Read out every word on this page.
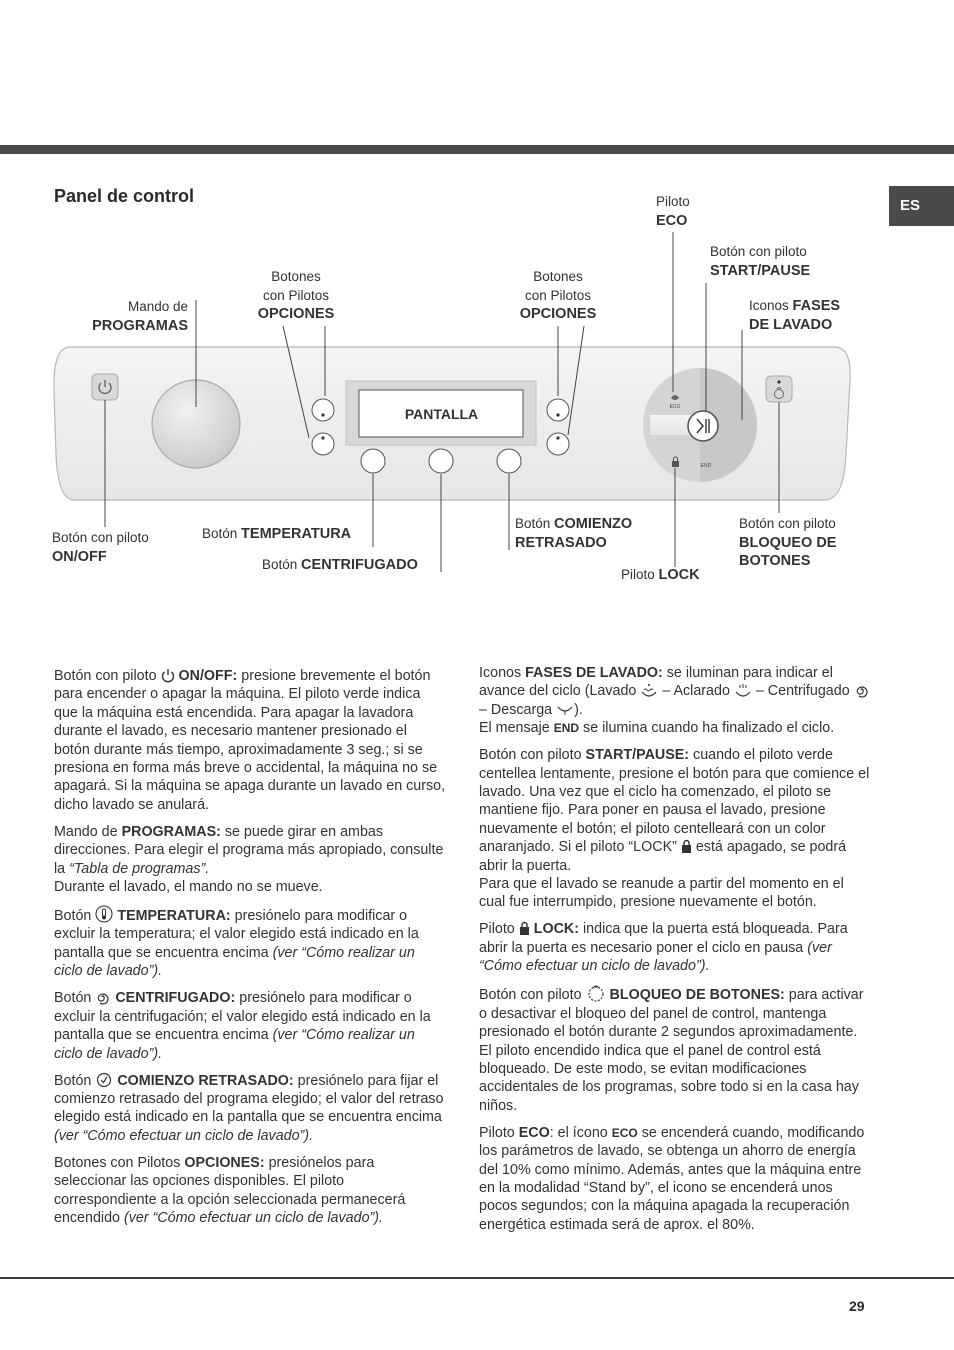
ES
Panel de control
ECO
END
PANTALLA
Mando de
PROGRAMAS
Botones
con Pilotos
OPCIONES
Botones
con Pilotos
OPCIONES
Piloto
ECO
Botón con piloto
START/PAUSE
Iconos FASES
DE LAVADO
Botón con piloto
ON/OFF
Botón TEMPERATURA
Botón CENTRIFUGADO
Botón COMIENZO
RETRASADO
Piloto LOCK
Botón con piloto
BLOQUEO DE
BOTONES

Botón con piloto ON/OFF: presione brevemente el botón para encender o apagar la máquina. El piloto verde indica que la máquina está encendida. Para apagar la lavadora durante el lavado, es necesario mantener presionado el botón durante más tiempo, aproximadamente 3 seg.; si se presiona en forma más breve o accidental, la máquina no se apagará. Si la máquina se apaga durante un lavado en curso, dicho lavado se anulará.

Mando de PROGRAMAS: se puede girar en ambas direcciones. Para elegir el programa más apropiado, consulte la “Tabla de programas”.
Durante el lavado, el mando no se mueve.

Botón TEMPERATURA: presiónelo para modificar o excluir la temperatura; el valor elegido está indicado en la pantalla que se encuentra encima (ver “Cómo realizar un ciclo de lavado”).

Botón CENTRIFUGADO: presiónelo para modificar o excluir la centrifugación; el valor elegido está indicado en la pantalla que se encuentra encima (ver “Cómo realizar un ciclo de lavado”).

Botón COMIENZO RETRASADO: presiónelo para fijar el comienzo retrasado del programa elegido; el valor del retraso elegido está indicado en la pantalla que se encuentra encima (ver “Cómo efectuar un ciclo de lavado”).

Botones con Pilotos OPCIONES: presiónelos para seleccionar las opciones disponibles. El piloto correspondiente a la opción seleccionada permanecerá encendido (ver “Cómo efectuar un ciclo de lavado”).

Iconos FASES DE LAVADO: se iluminan para indicar el avance del ciclo (Lavado – Aclarado – Centrifugado  – Descarga ).
El mensaje END se ilumina cuando ha finalizado el ciclo.

Botón con piloto START/PAUSE: cuando el piloto verde centellea lentamente, presione el botón para que comience el lavado. Una vez que el ciclo ha comenzado, el piloto se mantiene fijo. Para poner en pausa el lavado, presione nuevamente el botón; el piloto centelleará con un color anaranjado. Si el piloto “LOCK” está apagado, se podrá abrir la puerta.
Para que el lavado se reanude a partir del momento en el cual fue interrumpido, presione nuevamente el botón.

Piloto LOCK: indica que la puerta está bloqueada. Para abrir la puerta es necesario poner el ciclo en pausa (ver “Cómo efectuar un ciclo de lavado”).

Botón con piloto BLOQUEO DE BOTONES: para activar o desactivar el bloqueo del panel de control, mantenga presionado el botón durante 2 segundos aproximadamente. El piloto encendido indica que el panel de control está bloqueado. De este modo, se evitan modificaciones accidentales de los programas, sobre todo si en la casa hay niños.

Piloto ECO: el ícono ECO se encenderá cuando, modificando los parámetros de lavado, se obtenga un ahorro de energía del 10% como mínimo. Además, antes que la máquina entre en la modalidad “Stand by”, el icono se encenderá unos pocos segundos; con la máquina apagada la recuperación energética estimada será de aprox. el 80%.

29
